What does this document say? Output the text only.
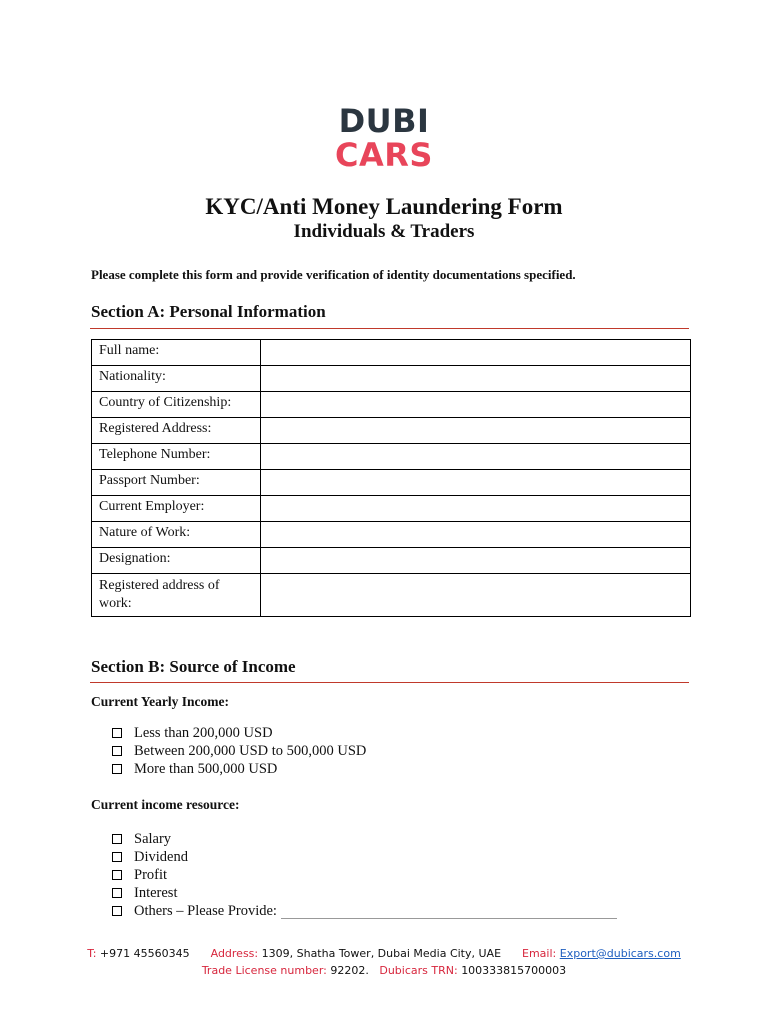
DUBI
CARS
KYC/Anti Money Laundering Form
Individuals & Traders
Please complete this form and provide verification of identity documentations specified.
Section A: Personal Information
Full name:	
Nationality:	
Country of Citizenship:	
Registered Address:	
Telephone Number:	
Passport Number:	
Current Employer:	
Nature of Work:	
Designation:	
Registered address of work:	
Section B: Source of Income
Current Yearly Income:
Less than 200,000 USD
Between 200,000 USD to 500,000 USD
More than 500,000 USD
Current income resource:
Salary
Dividend
Profit
Interest
Others – Please Provide:
T: +971 45560345 Address: 1309, Shatha Tower, Dubai Media City, UAE Email: Export@dubicars.com
Trade License number: 92202. Dubicars TRN: 100333815700003
